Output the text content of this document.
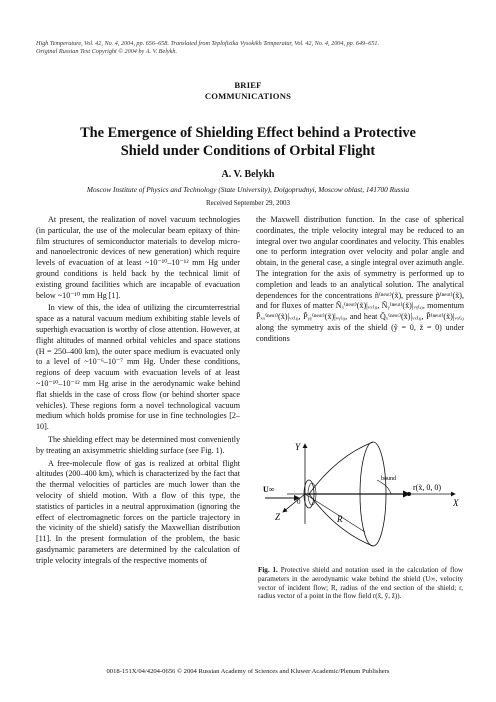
High Temperature, Vol. 42, No. 4, 2004, pp. 656–658. Translated from Teplofizika Vysokikh Temperatur, Vol. 42, No. 4, 2004, pp. 649–651.
Original Russian Text Copyright © 2004 by A. V. Belykh.
BRIEF
COMMUNICATIONS
The Emergence of Shielding Effect behind a Protective
Shield under Conditions of Orbital Flight
A. V. Belykh
Moscow Institute of Physics and Technology (State University), Dolgoprudnyi, Moscow oblast, 141700 Russia
Received September 29, 2003

At present, the realization of novel vacuum technologies (in particular, the use of the molecular beam epitaxy of thin-film structures of semiconductor materials to develop micro- and nanoelectronic devices of new generation) which require levels of evacuation of at least ~10⁻¹⁰–10⁻¹² mm Hg under ground conditions is held back by the technical limit of existing ground facilities which are incapable of evacuation below ~10⁻¹⁰ mm Hg [1].

In view of this, the idea of utilizing the circumterrestrial space as a natural vacuum medium exhibiting stable levels of superhigh evacuation is worthy of close attention. However, at flight altitudes of manned orbital vehicles and space stations (H = 250–400 km), the outer space medium is evacuated only to a level of ~10⁻⁶–10⁻⁷ mm Hg. Under these conditions, regions of deep vacuum with evacuation levels of at least ~10⁻¹⁰–10⁻¹² mm Hg arise in the aerodynamic wake behind flat shields in the case of cross flow (or behind shorter space vehicles). These regions form a novel technological vacuum medium which holds promise for use in fine technologies [2–10].

The shielding effect may be determined most conveniently by treating an axisymmetric shielding surface (see Fig. 1).

A free-molecule flow of gas is realized at orbital flight altitudes (200–400 km), which is characterized by the fact that the thermal velocities of particles are much lower than the velocity of shield motion. With a flow of this type, the statistics of particles in a neutral approximation (ignoring the effect of electromagnetic forces on the particle trajectory in the vicinity of the shield) satisfy the Maxwellian distribution [11]. In the present formulation of the problem, the basic gasdynamic parameters are determined by the calculation of triple velocity integrals of the respective moments of

the Maxwell distribution function. In the case of spherical coordinates, the triple velocity integral may be reduced to an integral over two angular coordinates and velocity. This enables one to perform integration over velocity and polar angle and obtain, in the general case, a single integral over azimuth angle. The integration for the axis of symmetry is performed up to completion and leads to an analytical solution. The analytical dependences for the concentrations ñ⁽ⁿᵉᵘᵗ⁾(x̃), pressure p̃⁽ⁿᵉᵘᵗ⁾(x̃), and for fluxes of matter Ñₓ⁽ⁿᵉᵘᵗ⁾(x̃)|ᵥₓ₍₀, Ñᵧ⁽ⁿᵉᵘᵗ⁾(x̃)|ᵥᵧ₍₀, momentum P̃ₓₓ⁽ⁿᵉᵘᵗ⁾(x̃)|ᵥₓ₍₀, P̃ᵧᵧ⁽ⁿᵉᵘᵗ⁾(x̃)|ᵥᵧ₍₀, and heat Q̃ₓ⁽ⁿᵉᵘᵗ⁾(x̃)|ᵥₓ₍₀, P̃⁽ⁿᵉᵘᵗ⁾(x̃)|ᵥₓ₍₀ along the symmetry axis of the shield (ỹ = 0, z̃ = 0) under conditions

Y
X
Z	R
U∞
bound
r(x̃, 0, 0)
0
Fig. 1. Protective shield and notation used in the calculation of flow parameters in the aerodynamic wake behind the shield (U∞, velocity vector of incident flow; R, radius of the end section of the shield; r, radius vector of a point in the flow field r(x̃, ỹ, z̃)).
0018-151X/04/4204-0656 © 2004 Russian Academy of Sciences and Kluwer Academic/Plenum Publishers
